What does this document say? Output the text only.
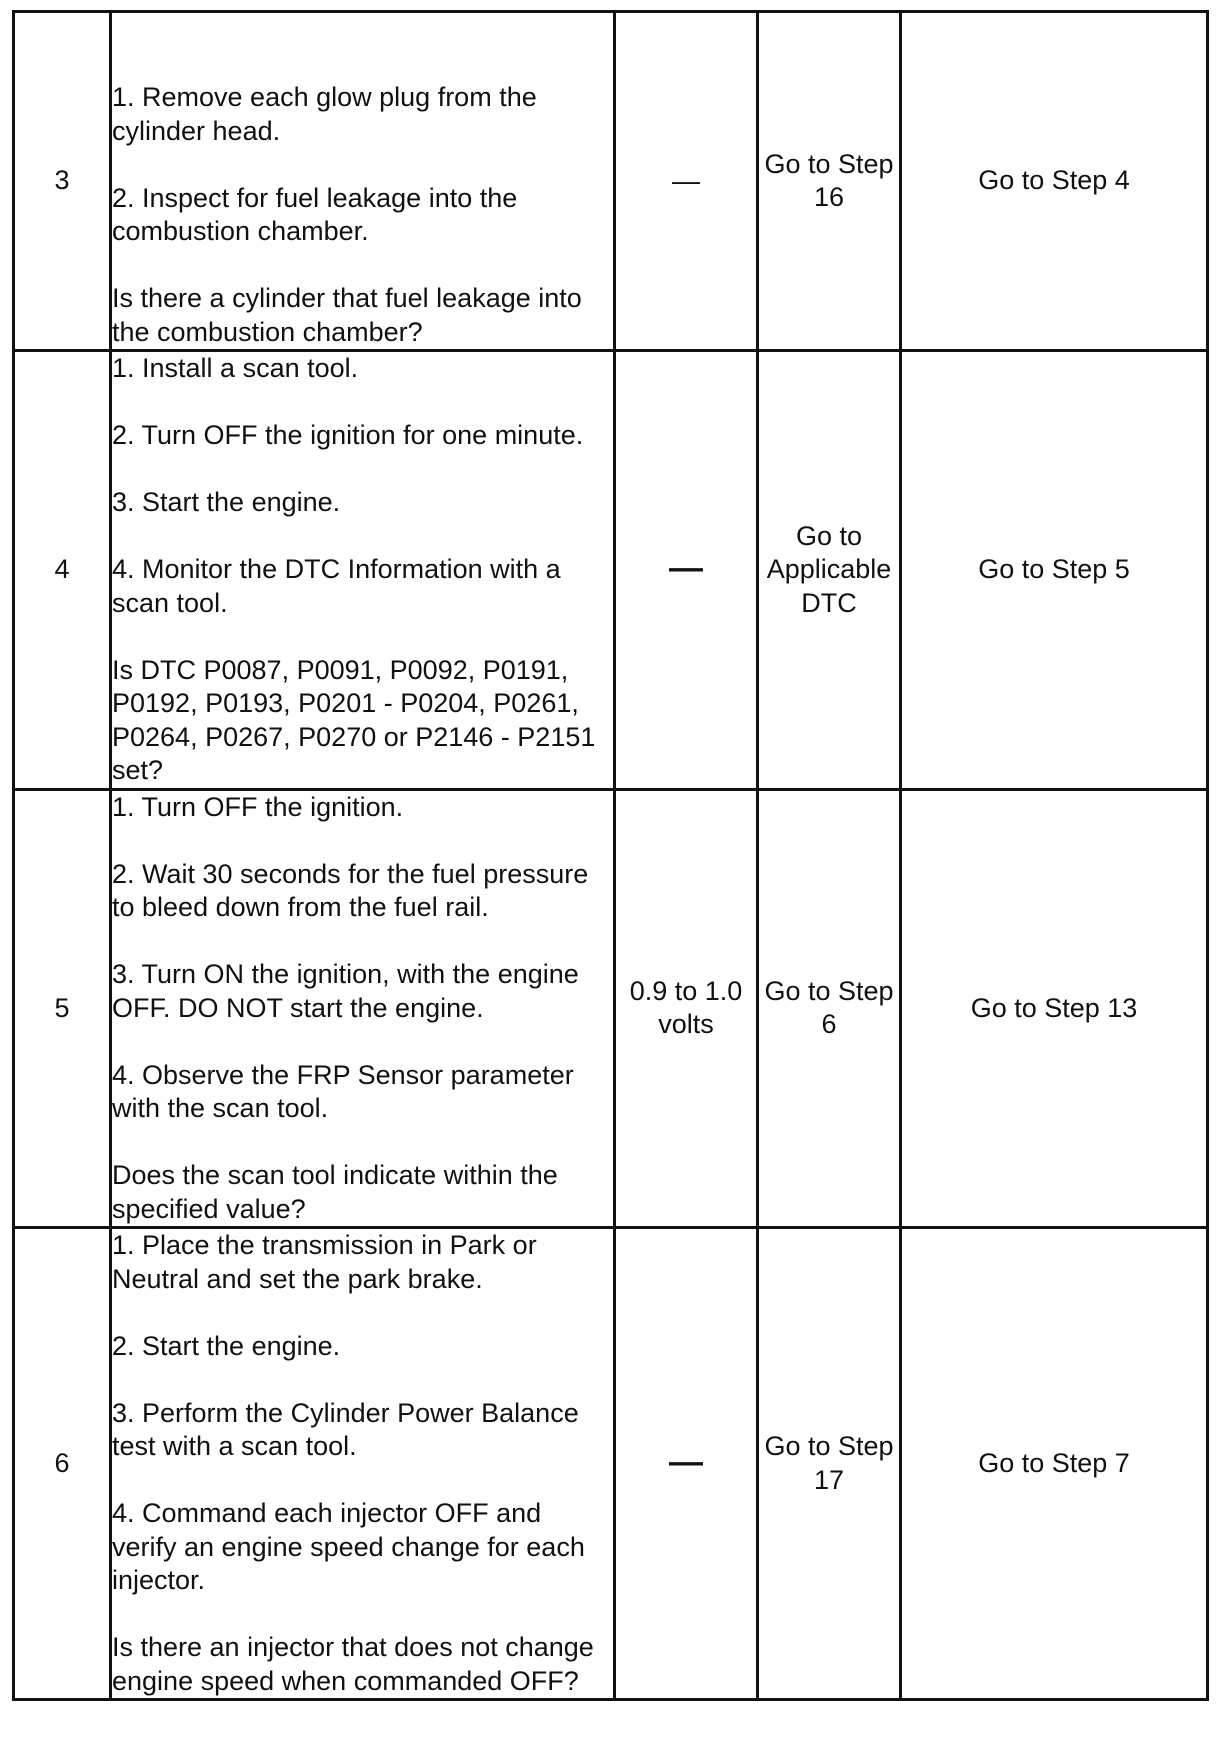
3	1. Remove each glow plug from the cylinder head.

2. Inspect for fuel leakage into the combustion chamber.

Is there a cylinder that fuel leakage into the combustion chamber?	—	Go to Step 16	Go to Step 4
4	1. Install a scan tool.

2. Turn OFF the ignition for one minute.

3. Start the engine.

4. Monitor the DTC Information with a scan tool.

Is DTC P0087, P0091, P0092, P0191, P0192, P0193, P0201 - P0204, P0261, P0264, P0267, P0270 or P2146 - P2151 set?	—	Go to Applicable DTC	Go to Step 5
5	1. Turn OFF the ignition.

2. Wait 30 seconds for the fuel pressure to bleed down from the fuel rail.

3. Turn ON the ignition, with the engine OFF. DO NOT start the engine.

4. Observe the FRP Sensor parameter with the scan tool.

Does the scan tool indicate within the specified value?	0.9 to 1.0 volts	Go to Step 6	Go to Step 13
6	1. Place the transmission in Park or Neutral and set the park brake.

2. Start the engine.

3. Perform the Cylinder Power Balance test with a scan tool.

4. Command each injector OFF and verify an engine speed change for each injector.

Is there an injector that does not change engine speed when commanded OFF?	—	Go to Step 17	Go to Step 7
